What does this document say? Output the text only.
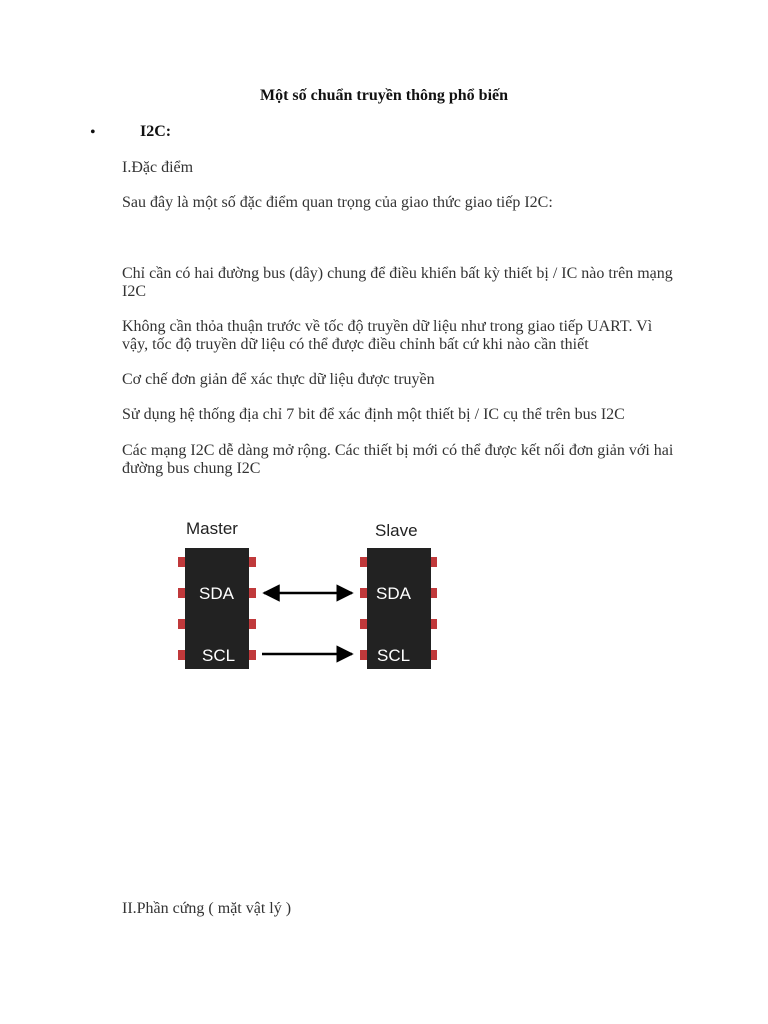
Một số chuẩn truyền thông phổ biến
•	I2C:
I.Đặc điểm
Sau đây là một số đặc điểm quan trọng của giao thức giao tiếp I2C:
Chỉ cần có hai đường bus (dây) chung để điều khiển bất kỳ thiết bị / IC nào trên mạng I2C
Không cần thỏa thuận trước về tốc độ truyền dữ liệu như trong giao tiếp UART. Vì vậy, tốc độ truyền dữ liệu có thể được điều chỉnh bất cứ khi nào cần thiết
Cơ chế đơn giản để xác thực dữ liệu được truyền
Sử dụng hệ thống địa chỉ 7 bit để xác định một thiết bị / IC cụ thể trên bus I2C
Các mạng I2C dễ dàng mở rộng. Các thiết bị mới có thể được kết nối đơn giản với hai đường bus chung I2C
Master	Slave
SDA
SCL
SDA
SCL
II.Phần cứng ( mặt vật lý )
